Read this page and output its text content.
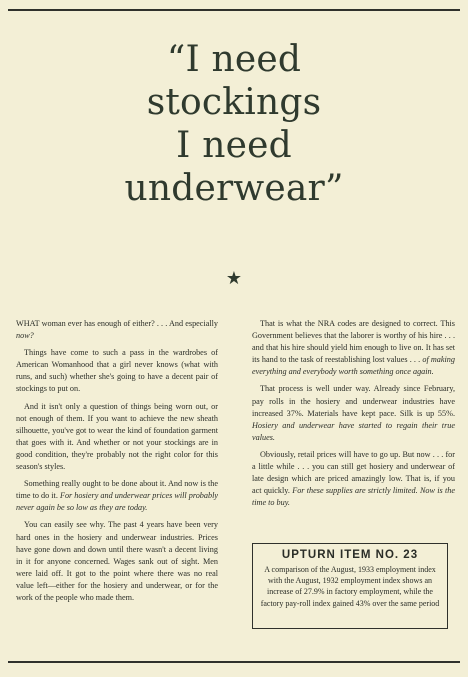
“I need
stockings
I need
underwear”
★

WHAT woman ever has enough of either? . . . And especially now?

Things have come to such a pass in the wardrobes of American Womanhood that a girl never knows (what with runs, and such) whether she's going to have a decent pair of stockings to put on.

And it isn't only a question of things being worn out, or not enough of them. If you want to achieve the new sheath silhouette, you've got to wear the kind of foundation garment that goes with it. And whether or not your stockings are in good condition, they're probably not the right color for this season's styles.

Something really ought to be done about it. And now is the time to do it. For hosiery and underwear prices will probably never again be so low as they are today.

You can easily see why. The past 4 years have been very hard ones in the hosiery and underwear industries. Prices have gone down and down until there wasn't a decent living in it for anyone concerned. Wages sank out of sight. Men were laid off. It got to the point where there was no real value left—either for the hosiery and underwear, or for the work of the people who made them.

That is what the NRA codes are designed to correct. This Government believes that the laborer is worthy of his hire . . . and that his hire should yield him enough to live on. It has set its hand to the task of reestablishing lost values . . . of making everything and everybody worth something once again.

That process is well under way. Already since February, pay rolls in the hosiery and underwear industries have increased 37%. Materials have kept pace. Silk is up 55%. Hosiery and underwear have started to regain their true values.

Obviously, retail prices will have to go up. But now . . . for a little while . . . you can still get hosiery and underwear of late design which are priced amazingly low. That is, if you act quickly. For these supplies are strictly limited. Now is the time to buy.

UPTURN ITEM NO. 23
A comparison of the August, 1933 employment index with the August, 1932 employment index shows an increase of 27.9% in factory employment, while the factory pay-roll index gained 43% over the same period
